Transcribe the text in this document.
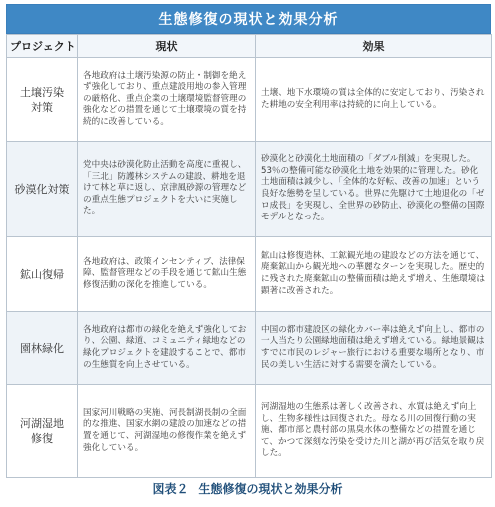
生態修復の現状と効果分析
プロジェクト	現状	効果

土壌汚染
対策	各地政府は土壌汚染源の防止・制御を絶えず強化しており、重点建設用地の参入管理の厳格化、重点企業の土壌環境監督管理の強化などの措置を通じて土壌環境の質を持続的に改善している。	土壌、地下水環境の質は全体的に安定しており、汚染された耕地の安全利用率は持続的に向上している。

砂漠化対策	党中央は砂漠化防止活動を高度に重視し、「三北」防護林システムの建設、耕地を退けて林と草に返し、京津風砂源の管理などの重点生態プロジェクトを大いに実施した。	砂漠化と砂漠化土地面積の「ダブル削減」を実現した。53％の整備可能な砂漠化土地を効果的に管理した。砂化土地面積は減少し、「全体的な好転、改善の加速」という良好な態勢を呈している。世界に先駆けて土地退化の「ゼロ成長」を実現し、全世界の砂防止、砂漠化の整備の国際モデルとなった。

鉱山復帰	各地政府は、政策インセンティブ、法律保障、監督管理などの手段を通じて鉱山生態修復活動の深化を推進している。	鉱山は修復造林、工鉱観光地の建設などの方法を通じて、廃棄鉱山から観光地への華麗なターンを実現した。歴史的に残された廃棄鉱山の整備面積は絶えず増え、生態環境は顕著に改善された。

園林緑化	各地政府は都市の緑化を絶えず強化しており、公園、緑道、コミュニティ緑地などの緑化プロジェクトを建設することで、都市の生態質を向上させている。	中国の都市建設区の緑化カバー率は絶えず向上し、都市の一人当たり公園緑地面積は絶えず増えている。緑地景観はすでに市民のレジャー旅行における重要な場所となり、市民の美しい生活に対する需要を満たしている。

河湖湿地
修復	国家河川戦略の実施、河長制湖長制の全面的な推進、国家水網の建設の加速などの措置を通じて、河湖湿地の修復作業を絶えず強化している。	河湖湿地の生態系は著しく改善され、水質は絶えず向上し、生物多様性は回復された。母なる川の回復行動の実施、都市部と農村部の黒臭水体の整備などの措置を通じて、かつて深刻な汚染を受けた川と湖が再び活気を取り戻した。
図表２ 生態修復の現状と効果分析
